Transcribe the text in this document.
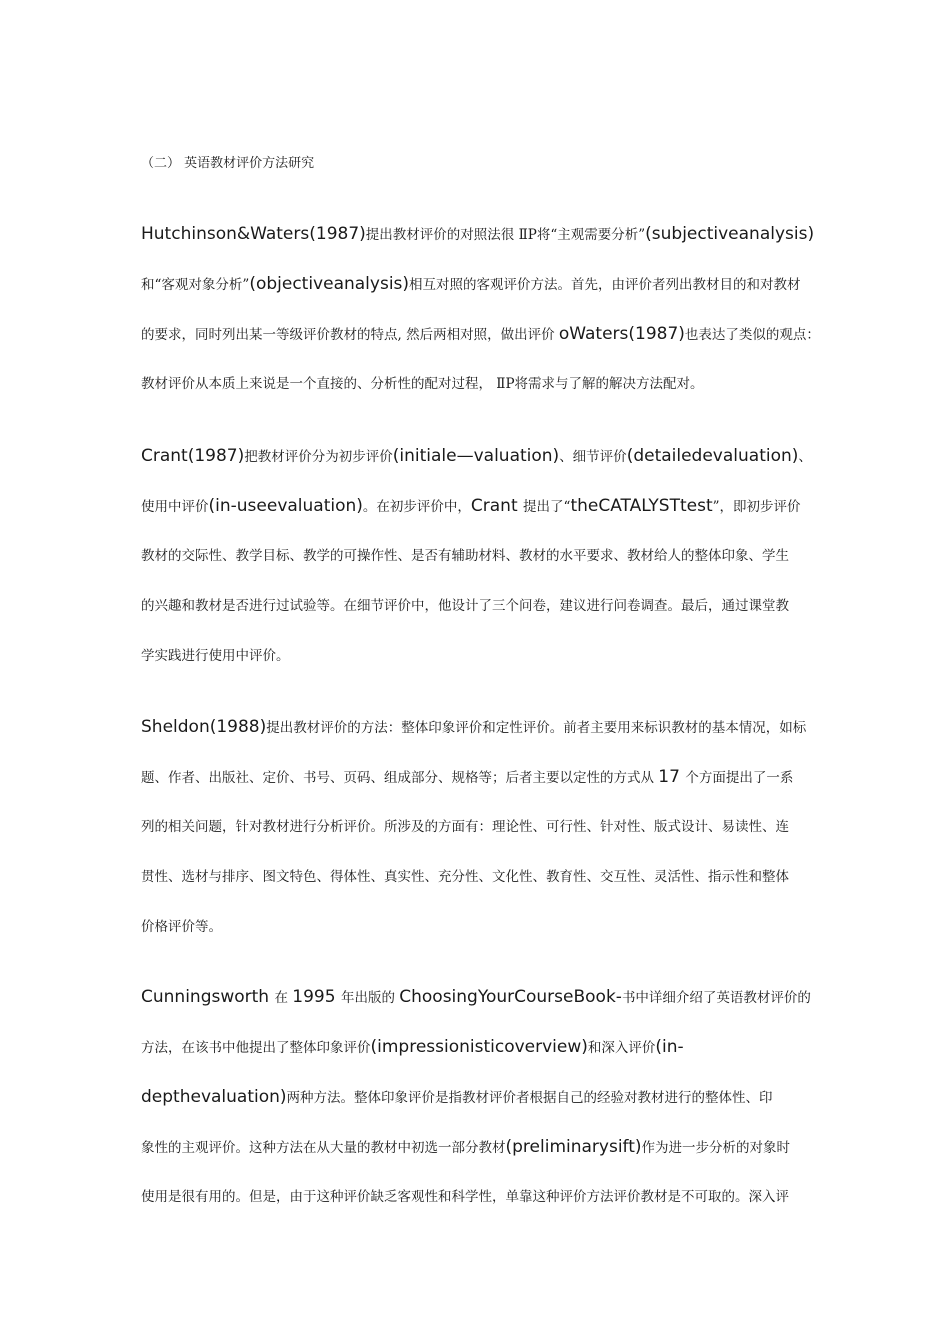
（二） 英语教材评价方法研究
Hutchinson&Waters(1987)提出教材评价的对照法很 ⅡP将“主观需要分析”(subjectiveanalysis)
和“客观对象分析”(objectiveanalysis)相互对照的客观评价方法。首先，由评价者列出教材目的和对教材
的要求，同时列出某一等级评价教材的特点, 然后两相对照，做出评价 oWaters(1987)也表达了类似的观点：
教材评价从本质上来说是一个直接的、分析性的配对过程， ⅡP将需求与了解的解决方法配对。
Crant(1987)把教材评价分为初步评价(initiale—valuation)、细节评价(detailedevaluation)、
使用中评价(in-useevaluation)。在初步评价中，Crant 提出了“theCATALYSTtest”，即初步评价
教材的交际性、教学目标、教学的可操作性、是否有辅助材料、教材的水平要求、教材给人的整体印象、学生
的兴趣和教材是否进行过试验等。在细节评价中，他设计了三个问卷，建议进行问卷调查。最后，通过课堂教
学实践进行使用中评价。
Sheldon(1988)提出教材评价的方法：整体印象评价和定性评价。前者主要用来标识教材的基本情况，如标
题、作者、出版社、定价、书号、页码、组成部分、规格等；后者主要以定性的方式从 17 个方面提出了一系
列的相关问题，针对教材进行分析评价。所涉及的方面有：理论性、可行性、针对性、版式设计、易读性、连
贯性、选材与排序、图文特色、得体性、真实性、充分性、文化性、教育性、交互性、灵活性、指示性和整体
价格评价等。
Cunningsworth 在 1995 年出版的 ChoosingYourCourseBook-书中详细介绍了英语教材评价的
方法，在该书中他提出了整体印象评价(impressionisticoverview)和深入评价(in-
depthevaluation)两种方法。整体印象评价是指教材评价者根据自己的经验对教材进行的整体性、印
象性的主观评价。这种方法在从大量的教材中初选一部分教材(preliminarysift)作为进一步分析的对象时
使用是很有用的。但是，由于这种评价缺乏客观性和科学性，单靠这种评价方法评价教材是不可取的。深入评
